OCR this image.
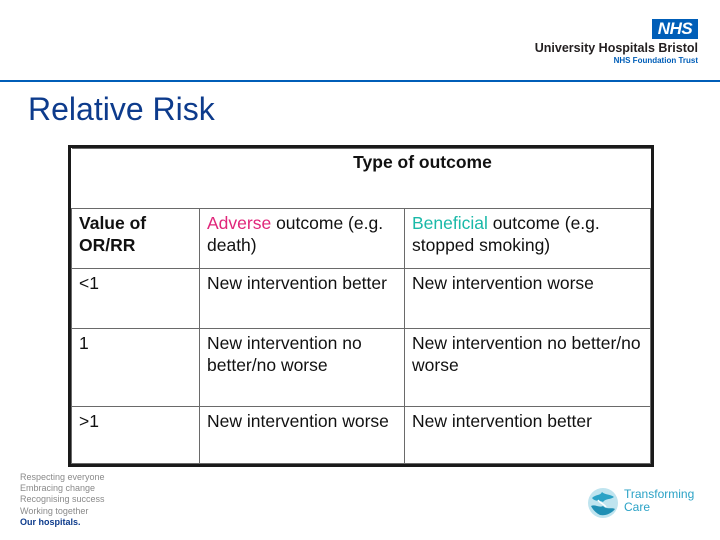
NHS
University Hospitals Bristol
NHS Foundation Trust
Relative Risk
Type of outcome		
Value of OR/RR	Adverse outcome (e.g. death)	Beneficial outcome (e.g. stopped smoking)
<1	New intervention better	New intervention worse
1	New intervention no better/no worse	New intervention no better/no worse
>1	New intervention worse	New intervention better
Respecting everyone
Embracing change
Recognising success
Working together
Our hospitals.
Transforming
Care
